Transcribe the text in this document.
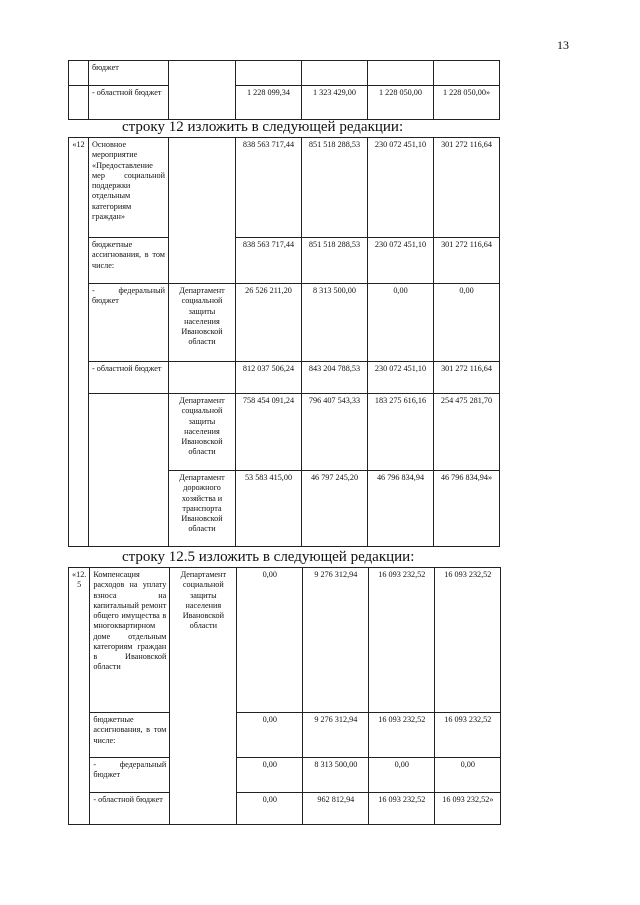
13
	бюджет					
	- областной бюджет		1 228 099,34	1 323 429,00	1 228 050,00	1 228 050,00»
строку 12 изложить в следующей редакции:
«12	Основное мероприятие «Предоставление мер социальной поддержки отдельным категориям граждан»		838 563 717,44	851 518 288,53	230 072 451,10	301 272 116,64
	бюджетные ассигнования, в том числе:		838 563 717,44	851 518 288,53	230 072 451,10	301 272 116,64
	- федеральный бюджет	Департамент социальной защиты населения Ивановской области	26 526 211,20	8 313 500,00	0,00	0,00
	- областной бюджет		812 037 506,24	843 204 788,53	230 072 451,10	301 272 116,64
		Департамент социальной защиты населения Ивановской области	758 454 091,24	796 407 543,33	183 275 616,16	254 475 281,70
		Департамент дорожного хозяйства и транспорта Ивановской области	53 583 415,00	46 797 245,20	46 796 834,94	46 796 834,94»
строку 12.5 изложить в следующей редакции:
«12. 5	Компенсация расходов на уплату взноса на капитальный ремонт общего имущества в многоквартирном доме отдельным категориям граждан в Ивановской области	Департамент социальной защиты населения Ивановской области	0,00	9 276 312,94	16 093 232,52	16 093 232,52
	бюджетные ассигнования, в том числе:		0,00	9 276 312,94	16 093 232,52	16 093 232,52
	- федеральный бюджет		0,00	8 313 500,00	0,00	0,00
	- областной бюджет		0,00	962 812,94	16 093 232,52	16 093 232,52»
